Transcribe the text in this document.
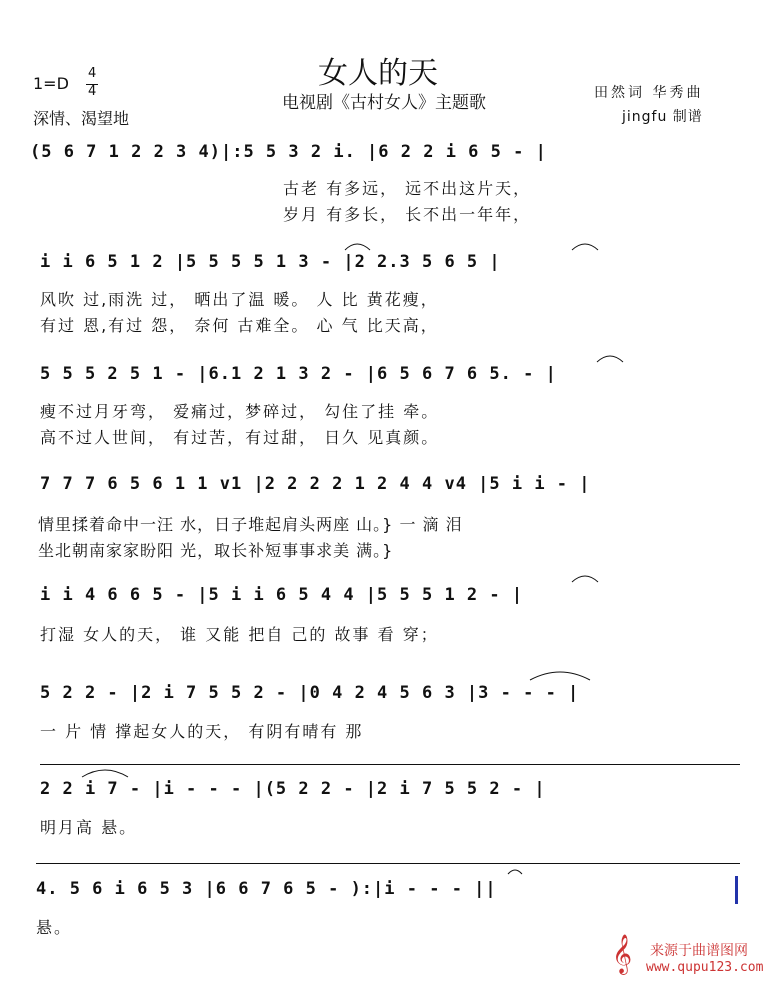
女人的天
电视剧《古村女人》主题歌
1=D
4
4
深情、渴望地
田然词 华秀曲
jingfu 制谱
(5 6 7 1 2 2 3 4)|:5 5 3 2 i. |6 2 2 i 6 5 - |
古老 有多远， 远不出这片天，
岁月 有多长， 长不出一年年，
i i 6 5 1 2 |5 5 5 5 1 3 - |2 2.3 5 6 5 |
风吹 过,雨洗 过， 晒出了温 暖。 人 比 黄花瘦，
有过 恩,有过 怨， 奈何 古难全。 心 气 比天高，
5 5 5 2 5 1 - |6.1 2 1 3 2 - |6 5 6 7 6 5. - |
瘦不过月牙弯， 爱痛过，梦碎过， 勾住了挂 牵。
高不过人世间， 有过苦，有过甜， 日久 见真颜。
7 7 7 6 5 6 1 1 v1 |2 2 2 2 1 2 4 4 v4 |5 i i - |
情里揉着命中一汪 水，日子堆起肩头两座 山。} 一 滴 泪
坐北朝南家家盼阳 光，取长补短事事求美 满。}
i i 4 6 6 5 - |5 i i 6 5 4 4 |5 5 5 1 2 - |
打湿 女人的天， 谁 又能 把自 己的 故事 看 穿；
5 2 2 - |2 i 7 5 5 2 - |0 4 2 4 5 6 3 |3 - - - |
一 片 情 撑起女人的天， 有阴有晴有 那
2 2 i 7 - |i - - - |(5 2 2 - |2 i 7 5 5 2 - |
明月高 悬。
4. 5 6 i 6 5 3 |6 6 7 6 5 - ):|i - - - ||
悬。
𝄞 来源于曲谱图网
www.qupu123.com
